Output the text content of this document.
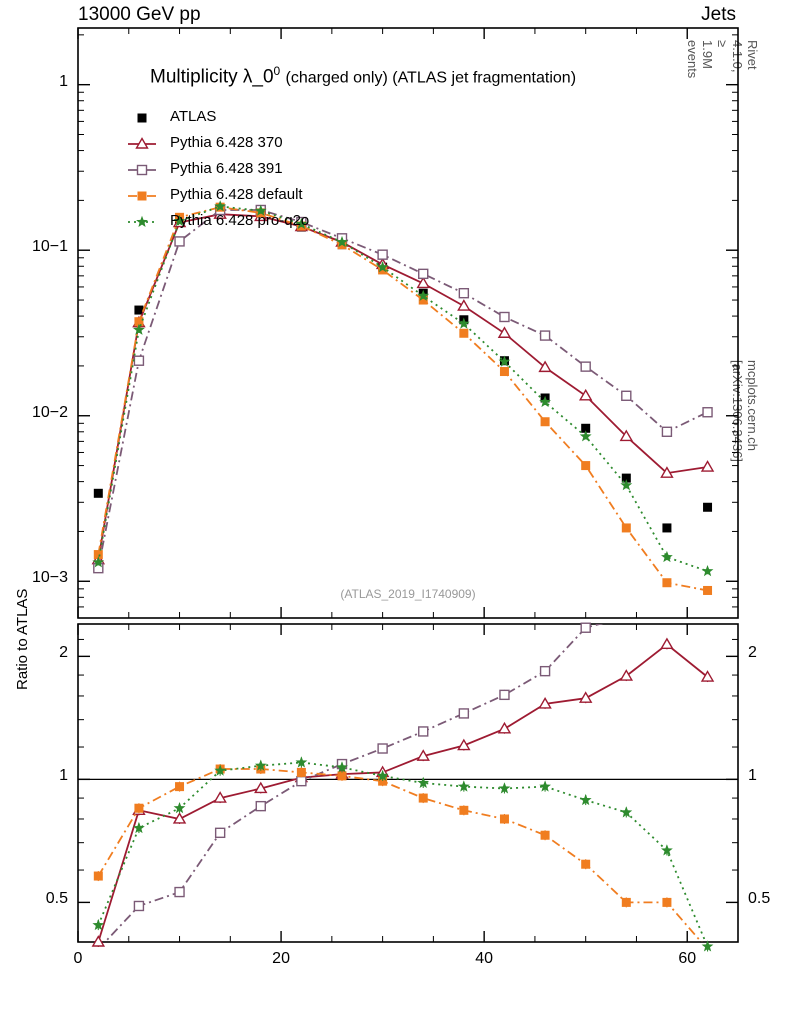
13000 GeV pp	Jets
Rivet 4.1.0, ≥ 1.9M events
mcplots.cern.ch [arXiv:1306.3436]
Multiplicity $\lambda\_0^0$ (charged only) (ATLAS jet fragmentation)
(ATLAS_2019_I1740909)
ATLAS
Pythia 6.428 370
Pythia 6.428 391
Pythia 6.428 default
Pythia 6.428 pro-q2o
1
10−1
10−2
10−3
0	20	40	60
2	2
1	1
0.5	0.5
Ratio to ATLAS
